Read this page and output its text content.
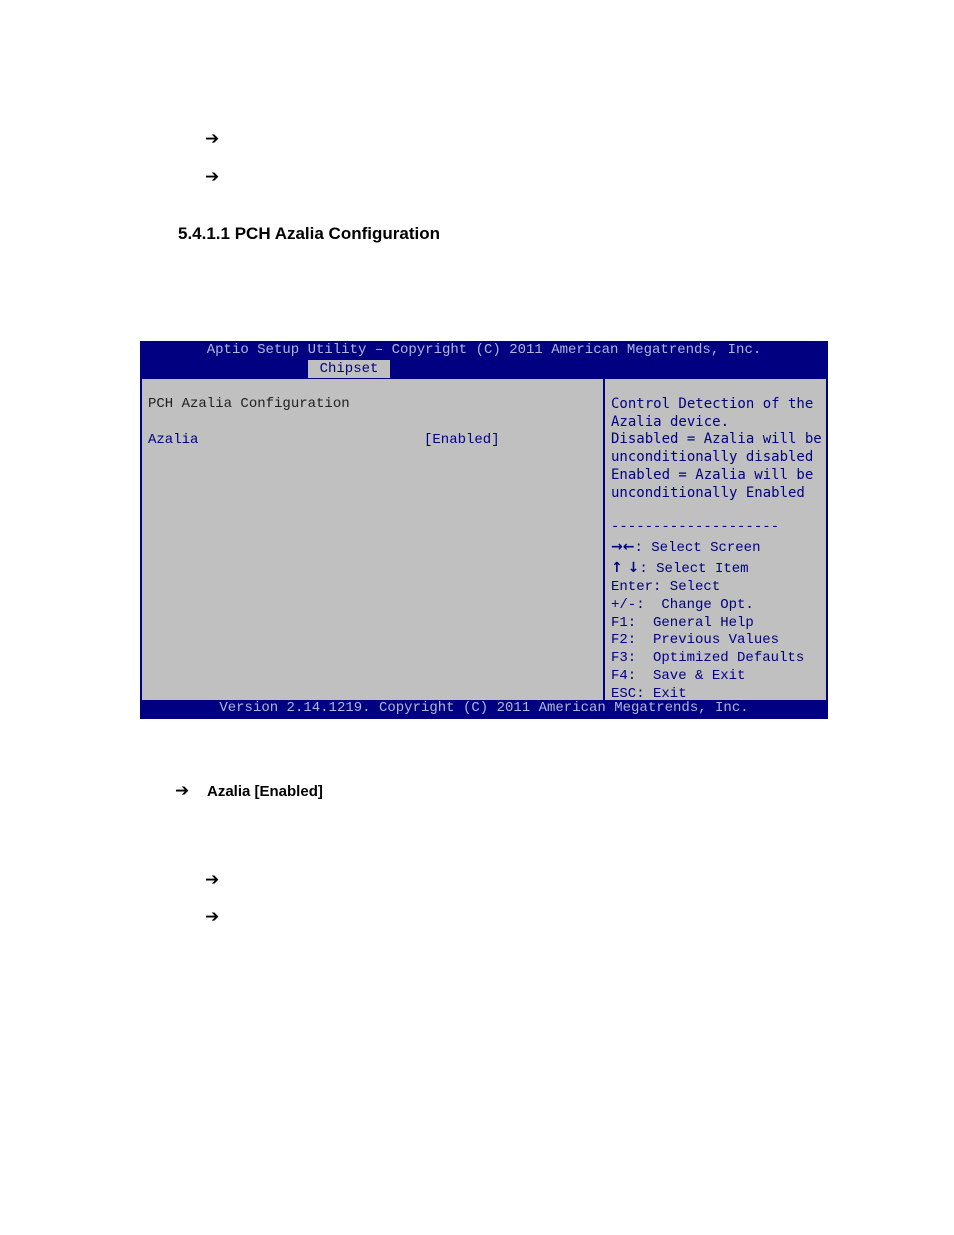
➔
➔
5.4.1.1 PCH Azalia Configuration
Aptio Setup Utility – Copyright (C) 2011 American Megatrends, Inc.
Chipset
PCH Azalia Configuration
Azalia	[Enabled]
Control Detection of the
Azalia device.
Disabled = Azalia will be
unconditionally disabled
Enabled = Azalia will be
unconditionally Enabled
--------------------
→←: Select Screen
↑ ↓: Select Item
Enter: Select
+/-:  Change Opt.
F1:  General Help
F2:  Previous Values
F3:  Optimized Defaults
F4:  Save & Exit
ESC: Exit
Version 2.14.1219. Copyright (C) 2011 American Megatrends, Inc.
➔ Azalia [Enabled]
➔
➔
